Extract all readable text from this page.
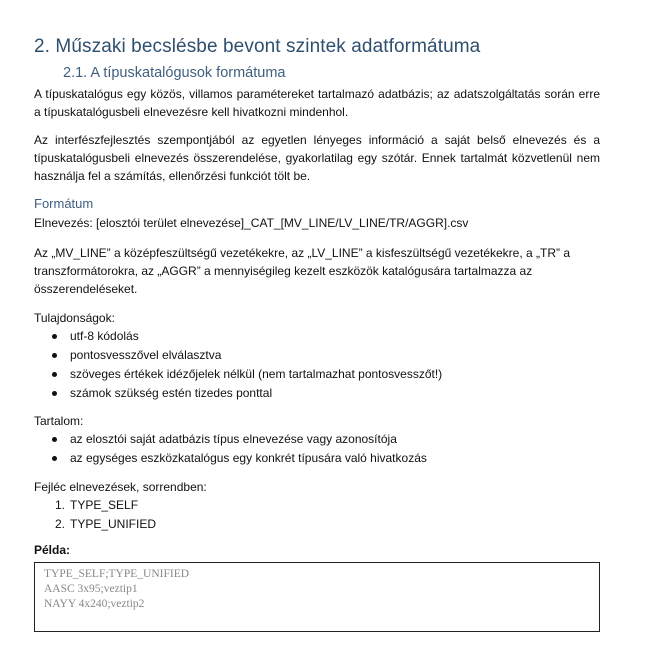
2. Műszaki becslésbe bevont szintek adatformátuma
2.1. A típuskatalógusok formátuma
A típuskatalógus egy közös, villamos paramétereket tartalmazó adatbázis; az adatszolgáltatás során erre a típuskatalógusbeli elnevezésre kell hivatkozni mindenhol.
Az interfészfejlesztés szempontjából az egyetlen lényeges információ a saját belső elnevezés és a típuskatalógusbeli elnevezés összerendelése, gyakorlatilag egy szótár. Ennek tartalmát közvetlenül nem használja fel a számítás, ellenőrzési funkciót tölt be.
Formátum
Elnevezés: [elosztói terület elnevezése]_CAT_[MV_LINE/LV_LINE/TR/AGGR].csv
Az „MV_LINE” a középfeszültségű vezetékekre, az „LV_LINE” a kisfeszültségű vezetékekre, a „TR” a transzformátorokra, az „AGGR” a mennyiségileg kezelt eszközök katalógusára tartalmazza az összerendeléseket.
Tulajdonságok:
utf-8 kódolás
pontosvesszővel elválasztva
szöveges értékek idézőjelek nélkül (nem tartalmazhat pontosvesszőt!)
számok szükség estén tizedes ponttal
Tartalom:
az elosztói saját adatbázis típus elnevezése vagy azonosítója
az egységes eszközkatalógus egy konkrét típusára való hivatkozás
Fejléc elnevezések, sorrendben:
1. TYPE_SELF
2. TYPE_UNIFIED
Példa:
TYPE_SELF;TYPE_UNIFIED
AASC 3x95;veztip1
NAYY 4x240;veztip2
